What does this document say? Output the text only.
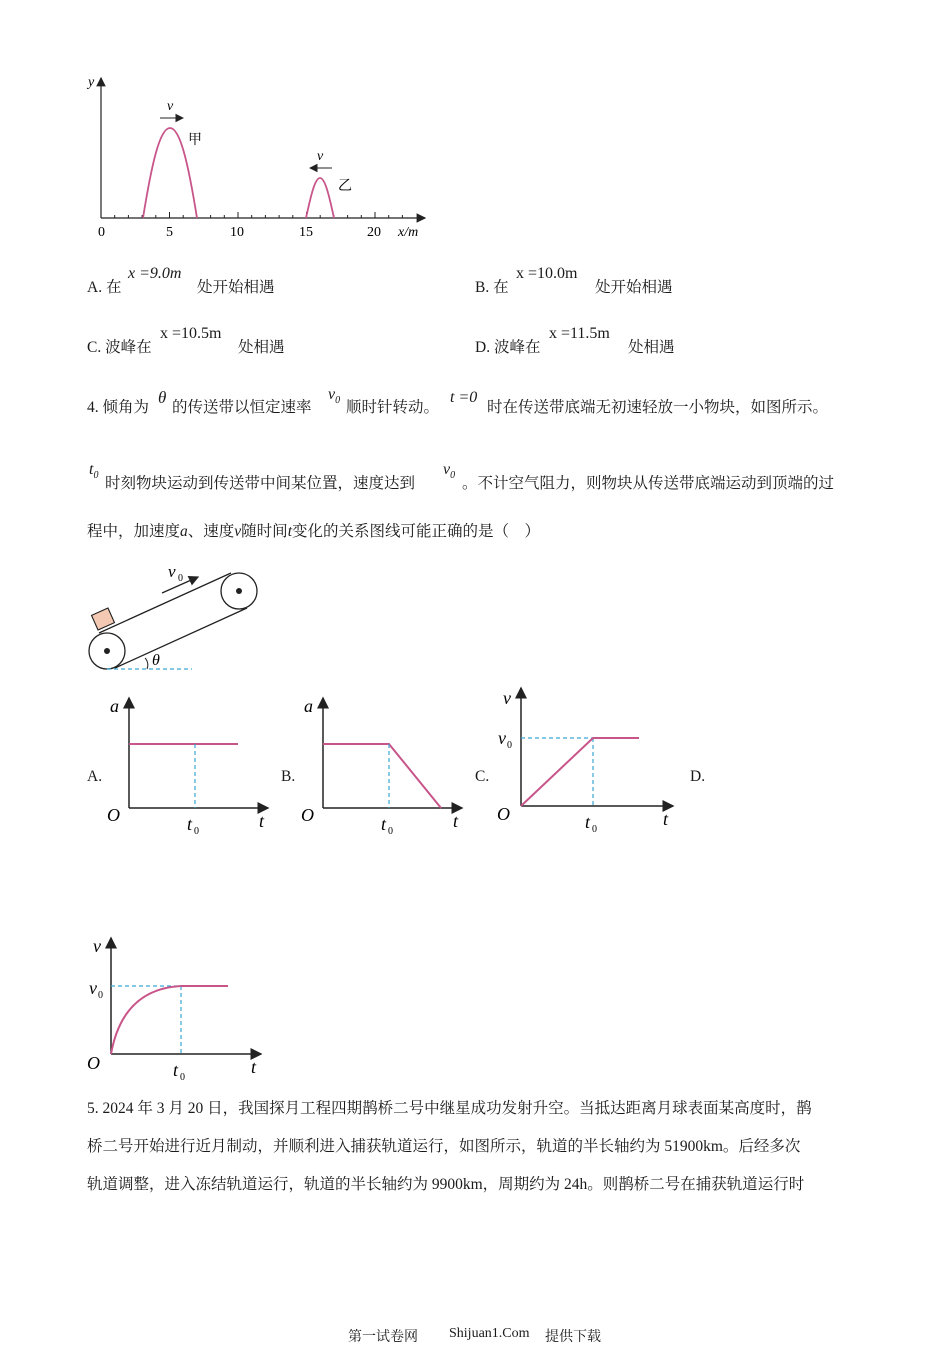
y
0	5	10	15	20 x/m
v
甲
v
乙
A. 在
x =9.0m
处开始相遇	B. 在
x =10.0m
处开始相遇
C. 波峰在
x =10.5m
处相遇	D. 波峰在
x =11.5m
处相遇
4. 倾角为
θ
的传送带以恒定速率
$v_0$ 顺时针转动。
t =0
时在传送带底端无初速轻放一小物块，如图所示。
$t_0$ 时刻物块运动到传送带中间某位置，速度达到
$v_0$ 。不计空气阻力，则物块从传送带底端运动到顶端的过
程中，加速度a、速度v随时间t变化的关系图线可能正确的是（　）
v 0
θ
A.
a
O	t
t 0
B.
a
O	t
t 0
C.
v
v 0
O	t
t 0
D.
v
v 0
O	t
t 0
5. 2024 年 3 月 20 日，我国探月工程四期鹊桥二号中继星成功发射升空。当抵达距离月球表面某高度时，鹊
桥二号开始进行近月制动，并顺利进入捕获轨道运行，如图所示，轨道的半长轴约为 51900km。后经多次
轨道调整，进入冻结轨道运行，轨道的半长轴约为 9900km，周期约为 24h。则鹊桥二号在捕获轨道运行时
第一试卷网 Shijuan1.Com 提供下载
